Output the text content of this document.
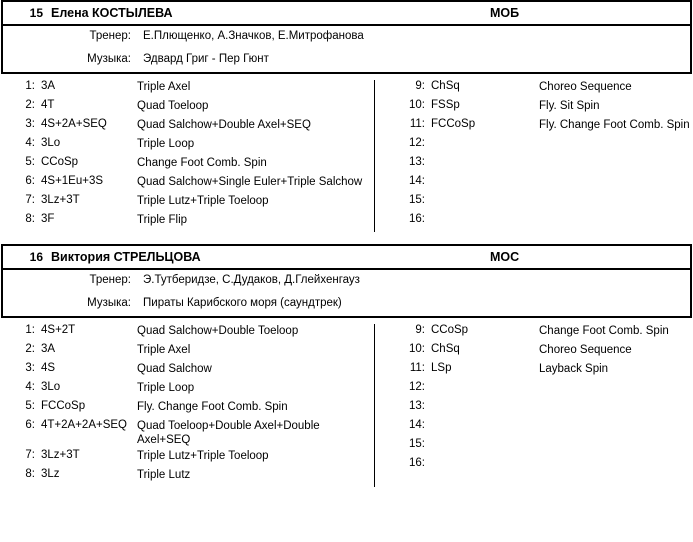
15 Елена КОСТЫЛЕВА	МОБ
Тренер:	Е.Плющенко, А.Значков, Е.Митрофанова
Музыка:	Эдвард Григ - Пер Гюнт
1: 3A	Triple Axel
2: 4T	Quad Toeloop
3: 4S+2A+SEQ	Quad Salchow+Double Axel+SEQ
4: 3Lo	Triple Loop
5: CCoSp	Change Foot Comb. Spin
6: 4S+1Eu+3S	Quad Salchow+Single Euler+Triple Salchow
7: 3Lz+3T	Triple Lutz+Triple Toeloop
8: 3F	Triple Flip
9: ChSq	Choreo Sequence
10: FSSp	Fly. Sit Spin
11: FCCoSp	Fly. Change Foot Comb. Spin
12:
13:
14:
15:
16:
16 Виктория СТРЕЛЬЦОВА	МОС
Тренер:	Э.Тутберидзе, С.Дудаков, Д.Глейхенгауз
Музыка:	Пираты Карибского моря (саундтрек)
1: 4S+2T	Quad Salchow+Double Toeloop
2: 3A	Triple Axel
3: 4S	Quad Salchow
4: 3Lo	Triple Loop
5: FCCoSp	Fly. Change Foot Comb. Spin
6: 4T+2A+2A+SEQ Quad Toeloop+Double Axel+Double Axel+SEQ
7: 3Lz+3T	Triple Lutz+Triple Toeloop
8: 3Lz	Triple Lutz
9: CCoSp	Change Foot Comb. Spin
10: ChSq	Choreo Sequence
11: LSp	Layback Spin
12:
13:
14:
15:
16:
